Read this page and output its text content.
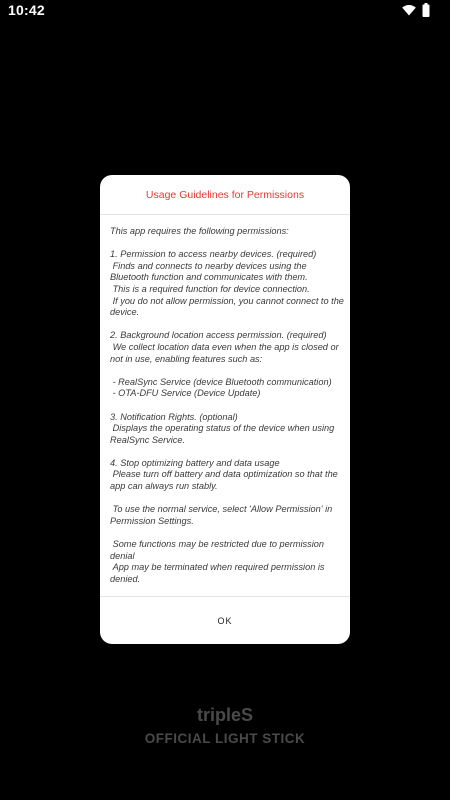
10:42
Usage Guidelines for Permissions
This app requires the following permissions:

1. Permission to access nearby devices. (required)
Finds and connects to nearby devices using the Bluetooth function and communicates with them.
This is a required function for device connection.
If you do not allow permission, you cannot connect to the device.

2. Background location access permission. (required)
We collect location data even when the app is closed or not in use, enabling features such as:

- RealSync Service (device Bluetooth communication)
- OTA-DFU Service (Device Update)

3. Notification Rights. (optional)
Displays the operating status of the device when using RealSync Service.

4. Stop optimizing battery and data usage
Please turn off battery and data optimization so that the app can always run stably.

To use the normal service, select 'Allow Permission' in Permission Settings.

Some functions may be restricted due to permission denial
App may be terminated when required permission is denied.
OK
tripleS
OFFICIAL LIGHT STICK
